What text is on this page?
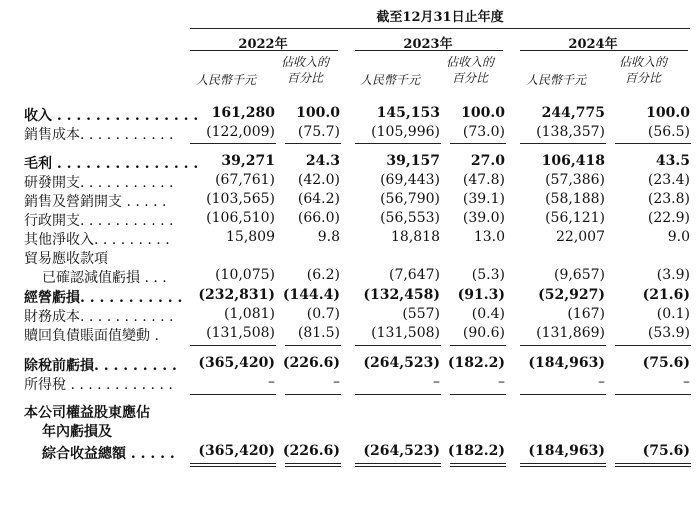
截至12月31日止年度
2022年	2023年	2024年
人民幣千元
佔收入的
百分比	人民幣千元
佔收入的
百分比	人民幣千元
佔收入的
百分比
收入 . . . . . . . . . . . . . . . 161,280	100.0	145,153	100.0	244,775	100.0
銷售成本. . . . . . . . . . .	(122,009)	(75.7)	(105,996)	(73.0)	(138,357)	(56.5)
毛利 . . . . . . . . . . . . . . .	39,271	24.3	39,157	27.0	106,418	43.5
研發開支. . . . . . . . . . .	(67,761)	(42.0)	(69,443)	(47.8)	(57,386)	(23.4)
銷售及營銷開支 . . . . .	(103,565)	(64.2)	(56,790)	(39.1)	(58,188)	(23.8)
行政開支. . . . . . . . . . .	(106,510)	(66.0)	(56,553)	(39.0)	(56,121)	(22.9)
其他淨收入. . . . . . . . .	15,809	9.8	18,818	13.0	22,007	9.0
貿易應收款項
已確認減值虧損 . . .	(10,075)	(6.2)	(7,647)	(5.3)	(9,657)	(3.9)
經營虧損. . . . . . . . . . .	(232,831) (144.4)	(132,458)	(91.3)	(52,927)	(21.6)
財務成本. . . . . . . . . . .	(1,081)	(0.7)	(557)	(0.4)	(167)	(0.1)
贖回負債賬面值變動 .	(131,508)	(81.5)	(131,508)	(90.6)	(131,869)	(53.9)
除稅前虧損. . . . . . . . .	(365,420) (226.6)	(264,523) (182.2)	(184,963)	(75.6)
所得稅 . . . . . . . . . . . .	–	–	–	–	–	–
本公司權益股東應佔
年內虧損及
綜合收益總額 . . . . .	(365,420) (226.6)	(264,523) (182.2)	(184,963)	(75.6)
